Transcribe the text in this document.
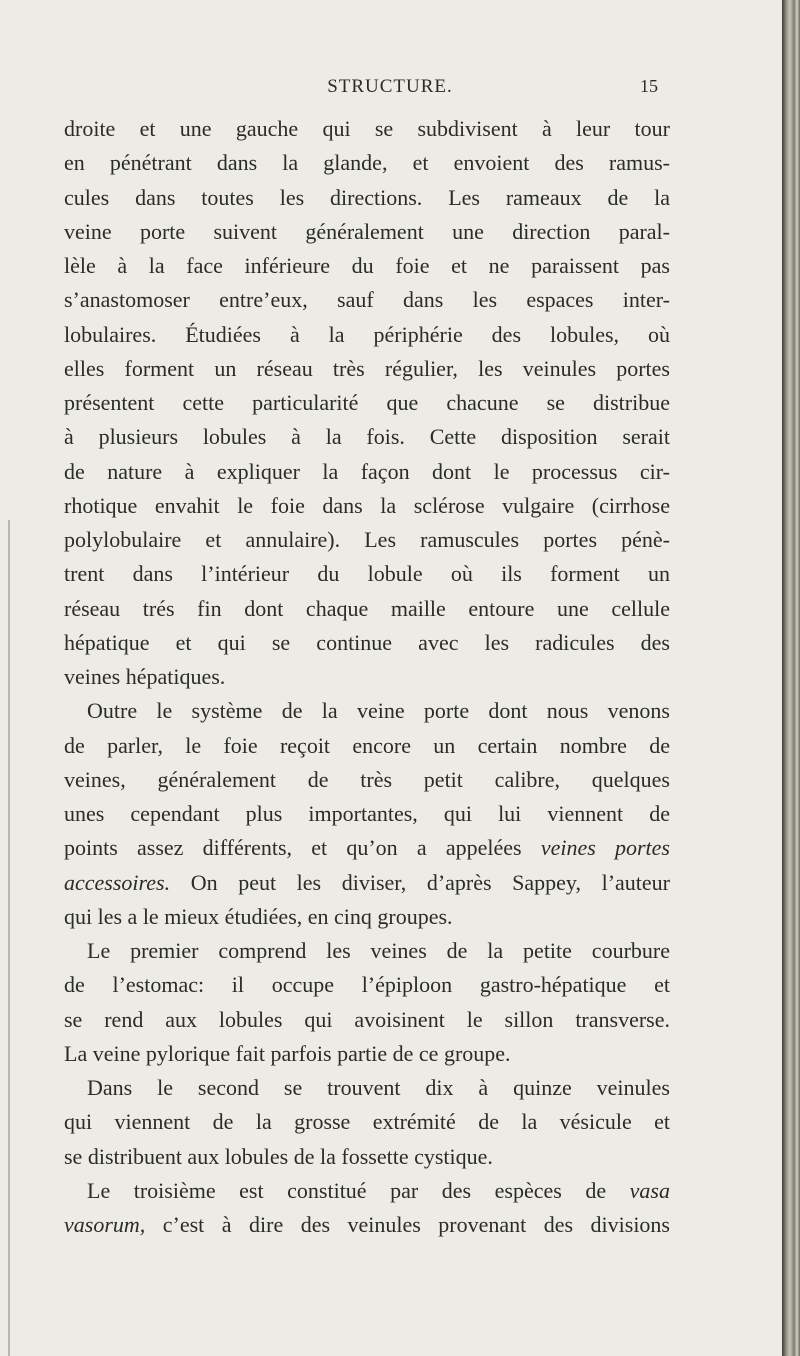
STRUCTURE.	15
droite et une gauche qui se subdivisent à leur tour
en pénétrant dans la glande, et envoient des ramus-
cules dans toutes les directions. Les rameaux de la
veine porte suivent généralement une direction paral-
lèle à la face inférieure du foie et ne paraissent pas
s’anastomoser entre’eux, sauf dans les espaces inter-
lobulaires. Étudiées à la périphérie des lobules, où
elles forment un réseau très régulier, les veinules portes
présentent cette particularité que chacune se distribue
à plusieurs lobules à la fois. Cette disposition serait
de nature à expliquer la façon dont le processus cir-
rhotique envahit le foie dans la sclérose vulgaire (cirrhose
polylobulaire et annulaire). Les ramuscules portes pénè-
trent dans l’intérieur du lobule où ils forment un
réseau trés fin dont chaque maille entoure une cellule
hépatique et qui se continue avec les radicules des
veines hépatiques.
Outre le système de la veine porte dont nous venons
de parler, le foie reçoit encore un certain nombre de
veines, généralement de très petit calibre, quelques
unes cependant plus importantes, qui lui viennent de
points assez différents, et qu’on a appelées veines portes
accessoires. On peut les diviser, d’après Sappey, l’auteur
qui les a le mieux étudiées, en cinq groupes.
Le premier comprend les veines de la petite courbure
de l’estomac: il occupe l’épiploon gastro-hépatique et
se rend aux lobules qui avoisinent le sillon transverse.
La veine pylorique fait parfois partie de ce groupe.
Dans le second se trouvent dix à quinze veinules
qui viennent de la grosse extrémité de la vésicule et
se distribuent aux lobules de la fossette cystique.
Le troisième est constitué par des espèces de vasa
vasorum, c’est à dire des veinules provenant des divisions
